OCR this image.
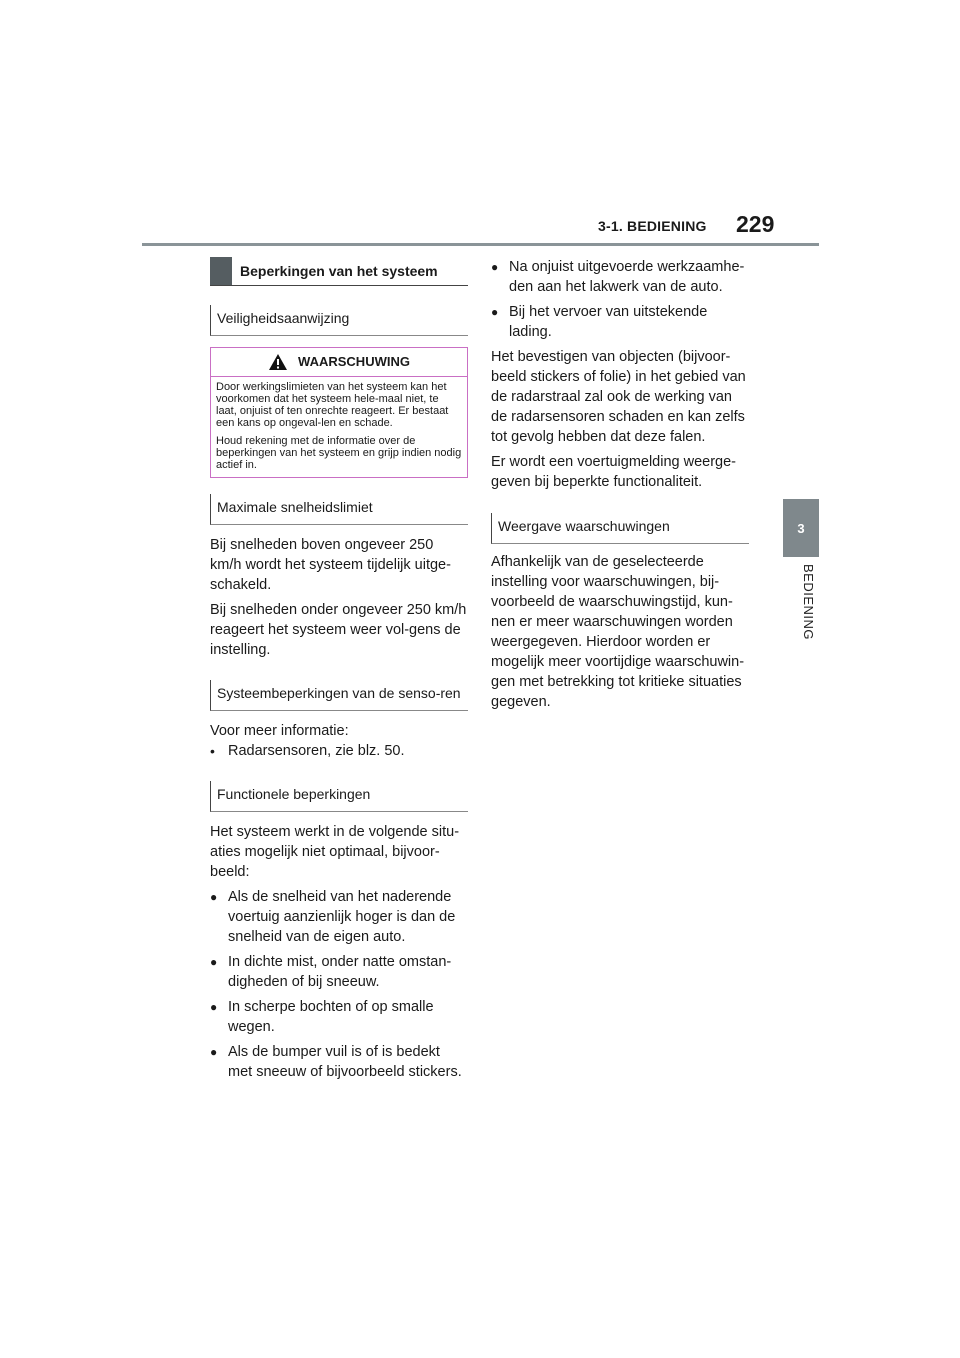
3-1. BEDIENING 229
3
BEDIENING
Beperkingen van het systeem
Veiligheidsaanwijzing
WAARSCHUWING

Door werkingslimieten van het systeem kan het voorkomen dat het systeem hele-maal niet, te laat, onjuist of ten onrechte reageert. Er bestaat een kans op ongeval-len en schade.

Houd rekening met de informatie over de beperkingen van het systeem en grijp indien nodig actief in.

Maximale snelheidslimiet

Bij snelheden boven ongeveer 250 km/h wordt het systeem tijdelijk uitge-schakeld.

Bij snelheden onder ongeveer 250 km/h reageert het systeem weer vol-gens de instelling.

Systeembeperkingen van de senso-ren

Voor meer informatie:

• Radarsensoren, zie blz. 50.
Functionele beperkingen

Het systeem werkt in de volgende situ-aties mogelijk niet optimaal, bijvoor-beeld:

● Als de snelheid van het naderende voertuig aanzienlijk hoger is dan de snelheid van de eigen auto.
● In dichte mist, onder natte omstan-digheden of bij sneeuw.
● In scherpe bochten of op smalle wegen.
● Als de bumper vuil is of is bedekt met sneeuw of bijvoorbeeld stickers.
● Na onjuist uitgevoerde werkzaamhe-den aan het lakwerk van de auto.
● Bij het vervoer van uitstekende lading.

Het bevestigen van objecten (bijvoor-beeld stickers of folie) in het gebied van de radarstraal zal ook de werking van de radarsensoren schaden en kan zelfs tot gevolg hebben dat deze falen.

Er wordt een voertuigmelding weerge-geven bij beperkte functionaliteit.

Weergave waarschuwingen

Afhankelijk van de geselecteerde instelling voor waarschuwingen, bij-voorbeeld de waarschuwingstijd, kun-nen er meer waarschuwingen worden weergegeven. Hierdoor worden er mogelijk meer voortijdige waarschuwin-gen met betrekking tot kritieke situaties gegeven.
